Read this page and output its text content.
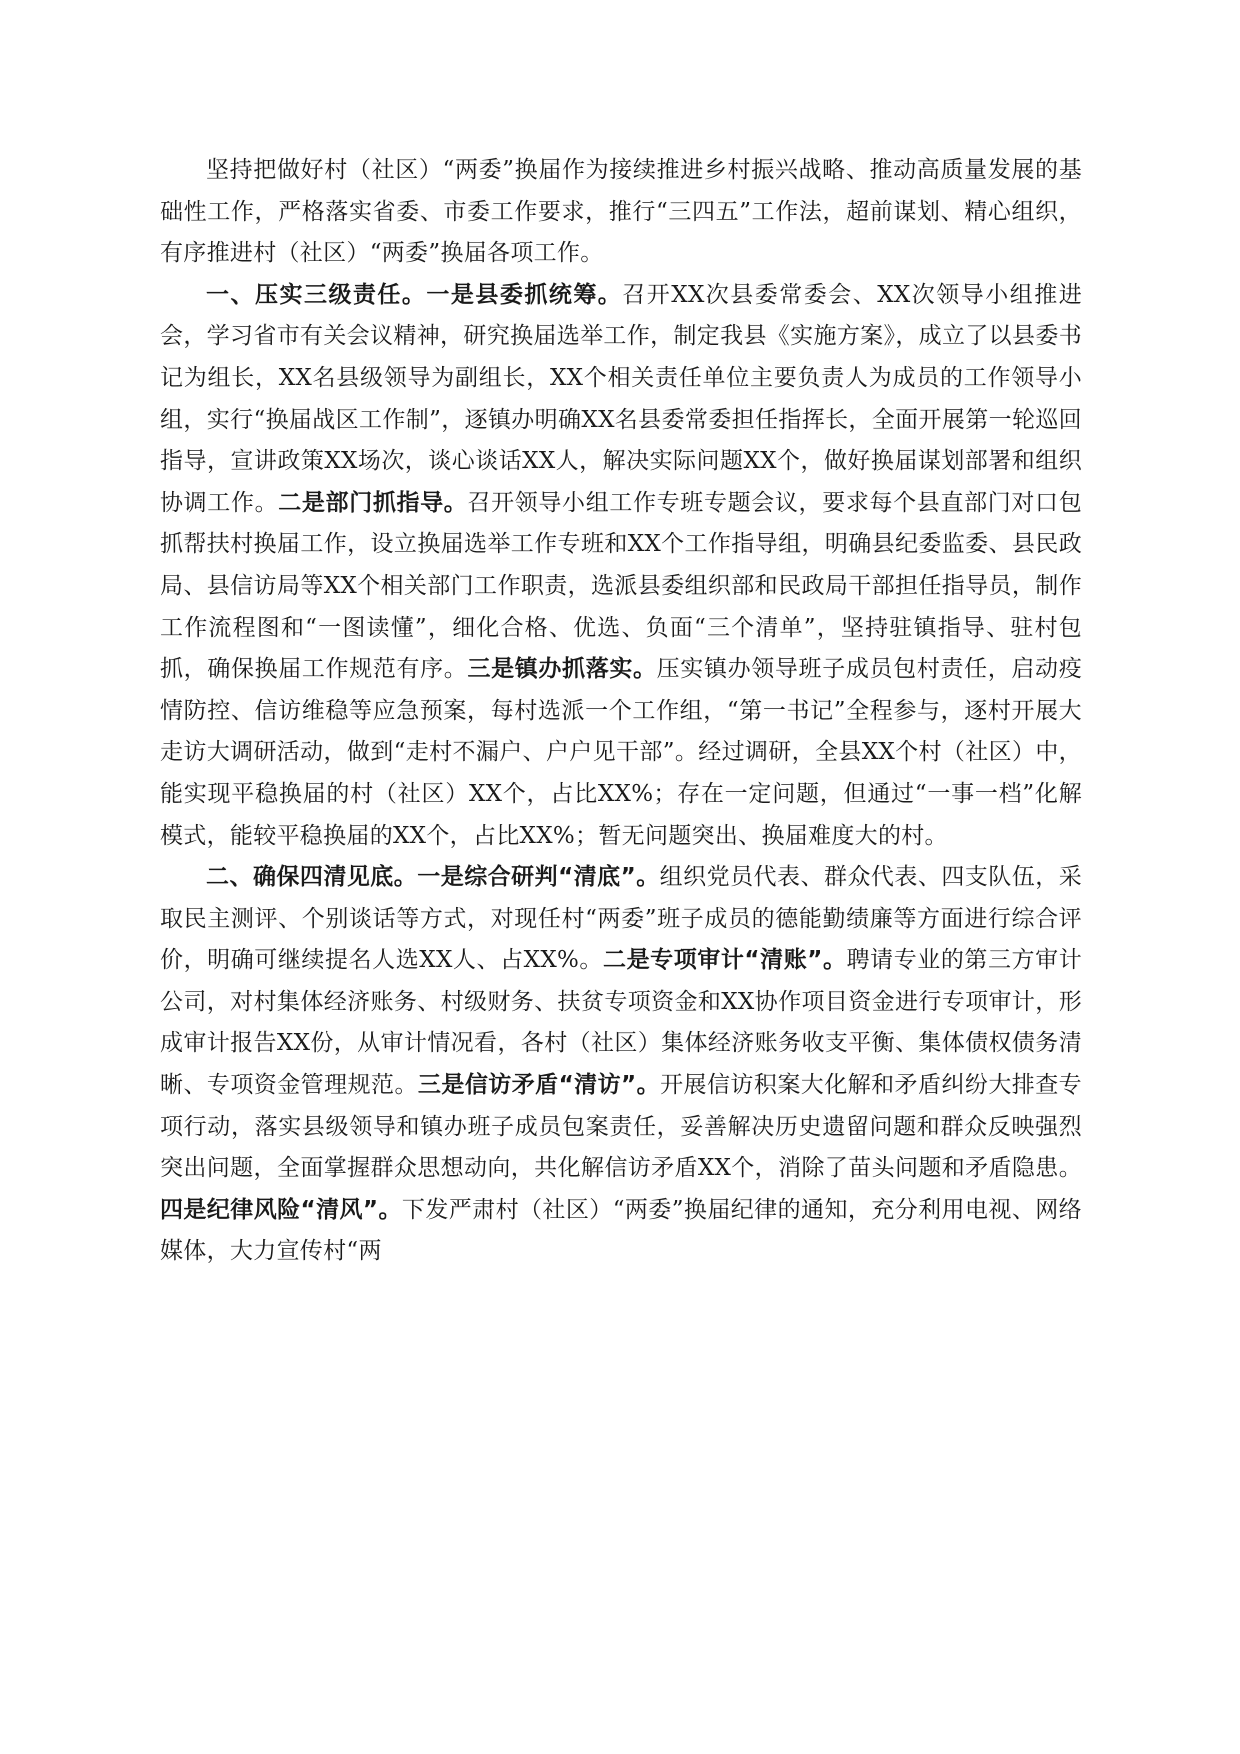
坚持把做好村（社区）“两委”换届作为接续推进乡村振兴战略、推动高质量发展的基础性工作，严格落实省委、市委工作要求，推行“三四五”工作法，超前谋划、精心组织，有序推进村（社区）“两委”换届各项工作。

一、压实三级责任。一是县委抓统筹。召开XX次县委常委会、XX次领导小组推进会，学习省市有关会议精神，研究换届选举工作，制定我县《实施方案》，成立了以县委书记为组长，XX名县级领导为副组长，XX个相关责任单位主要负责人为成员的工作领导小组，实行“换届战区工作制”，逐镇办明确XX名县委常委担任指挥长，全面开展第一轮巡回指导，宣讲政策XX场次，谈心谈话XX人，解决实际问题XX个，做好换届谋划部署和组织协调工作。二是部门抓指导。召开领导小组工作专班专题会议，要求每个县直部门对口包抓帮扶村换届工作，设立换届选举工作专班和XX个工作指导组，明确县纪委监委、县民政局、县信访局等XX个相关部门工作职责，选派县委组织部和民政局干部担任指导员，制作工作流程图和“一图读懂”，细化合格、优选、负面“三个清单”，坚持驻镇指导、驻村包抓，确保换届工作规范有序。三是镇办抓落实。压实镇办领导班子成员包村责任，启动疫情防控、信访维稳等应急预案，每村选派一个工作组，“第一书记”全程参与，逐村开展大走访大调研活动，做到“走村不漏户、户户见干部”。经过调研，全县XX个村（社区）中，能实现平稳换届的村（社区）XX个，占比XX%；存在一定问题，但通过“一事一档”化解模式，能较平稳换届的XX个，占比XX%；暂无问题突出、换届难度大的村。

二、确保四清见底。一是综合研判“清底”。组织党员代表、群众代表、四支队伍，采取民主测评、个别谈话等方式，对现任村“两委”班子成员的德能勤绩廉等方面进行综合评价，明确可继续提名人选XX人、占XX%。二是专项审计“清账”。聘请专业的第三方审计公司，对村集体经济账务、村级财务、扶贫专项资金和XX协作项目资金进行专项审计，形成审计报告XX份，从审计情况看，各村（社区）集体经济账务收支平衡、集体债权债务清晰、专项资金管理规范。三是信访矛盾“清访”。开展信访积案大化解和矛盾纠纷大排查专项行动，落实县级领导和镇办班子成员包案责任，妥善解决历史遗留问题和群众反映强烈突出问题，全面掌握群众思想动向，共化解信访矛盾XX个，消除了苗头问题和矛盾隐患。四是纪律风险“清风”。下发严肃村（社区）“两委”换届纪律的通知，充分利用电视、网络媒体，大力宣传村“两
